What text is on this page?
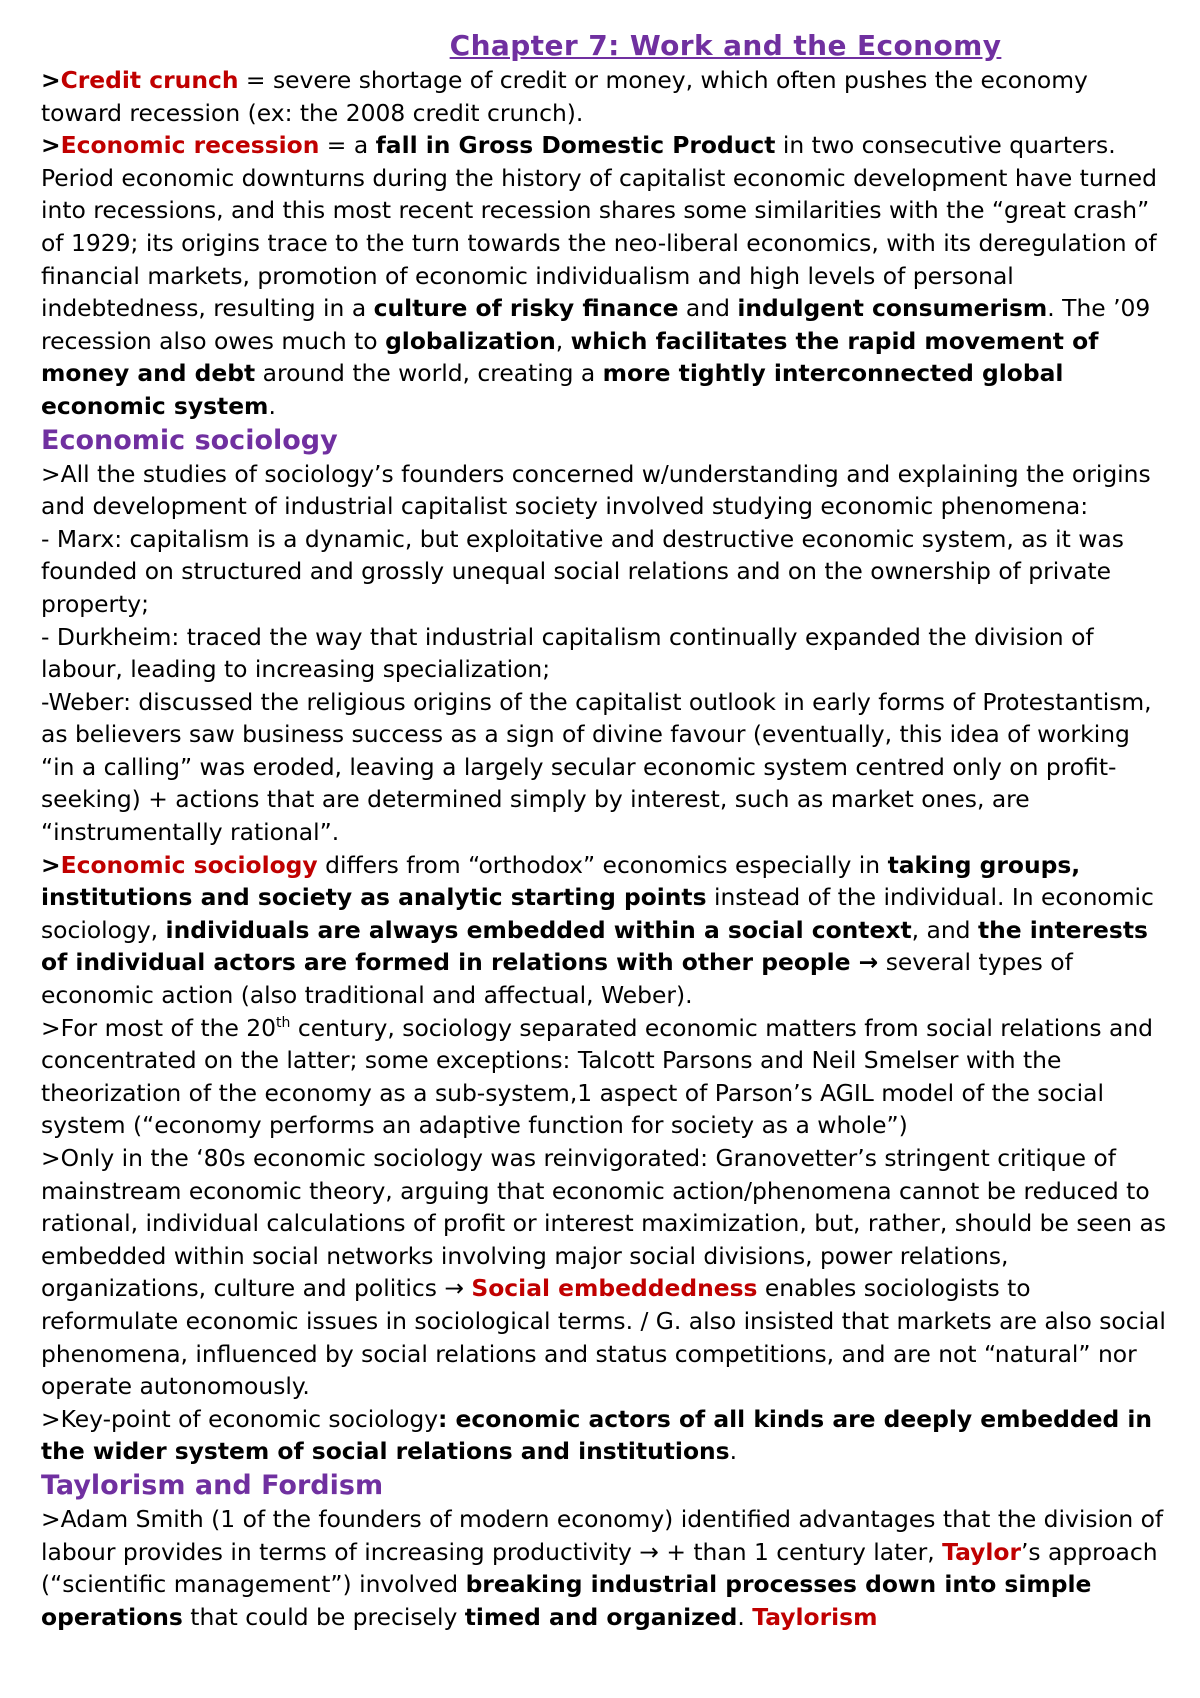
Chapter 7: Work and the Economy

>Credit crunch = severe shortage of credit or money, which often pushes the economy toward recession (ex: the 2008 credit crunch).

>Economic recession = a fall in Gross Domestic Product in two consecutive quarters. Period economic downturns during the history of capitalist economic development have turned into recessions, and this most recent recession shares some similarities with the “great crash” of 1929; its origins trace to the turn towards the neo-liberal economics, with its deregulation of financial markets, promotion of economic individualism and high levels of personal indebtedness, resulting in a culture of risky finance and indulgent consumerism. The ’09 recession also owes much to globalization, which facilitates the rapid movement of money and debt around the world, creating a more tightly interconnected global economic system.

Economic sociology

>All the studies of sociology’s founders concerned w/understanding and explaining the origins and development of industrial capitalist society involved studying economic phenomena:

- Marx: capitalism is a dynamic, but exploitative and destructive economic system, as it was founded on structured and grossly unequal social relations and on the ownership of private property;

- Durkheim: traced the way that industrial capitalism continually expanded the division of labour, leading to increasing specialization;

-Weber: discussed the religious origins of the capitalist outlook in early forms of Protestantism, as believers saw business success as a sign of divine favour (eventually, this idea of working “in a calling” was eroded, leaving a largely secular economic system centred only on profit-seeking) + actions that are determined simply by interest, such as market ones, are “instrumentally rational”.

>Economic sociology differs from “orthodox” economics especially in taking groups, institutions and society as analytic starting points instead of the individual. In economic sociology, individuals are always embedded within a social context, and the interests of individual actors are formed in relations with other people → several types of economic action (also traditional and affectual, Weber).

>For most of the 20th century, sociology separated economic matters from social relations and concentrated on the latter; some exceptions: Talcott Parsons and Neil Smelser with the theorization of the economy as a sub-system,1 aspect of Parson’s AGIL model of the social system (“economy performs an adaptive function for society as a whole”)

>Only in the ‘80s economic sociology was reinvigorated: Granovetter’s stringent critique of mainstream economic theory, arguing that economic action/phenomena cannot be reduced to rational, individual calculations of profit or interest maximization, but, rather, should be seen as embedded within social networks involving major social divisions, power relations, organizations, culture and politics → Social embeddedness enables sociologists to reformulate economic issues in sociological terms. / G. also insisted that markets are also social phenomena, influenced by social relations and status competitions, and are not “natural” nor operate autonomously.

>Key-point of economic sociology: economic actors of all kinds are deeply embedded in the wider system of social relations and institutions.

Taylorism and Fordism

>Adam Smith (1 of the founders of modern economy) identified advantages that the division of labour provides in terms of increasing productivity → + than 1 century later, Taylor’s approach (“scientific management”) involved breaking industrial processes down into simple operations that could be precisely timed and organized. Taylorism
